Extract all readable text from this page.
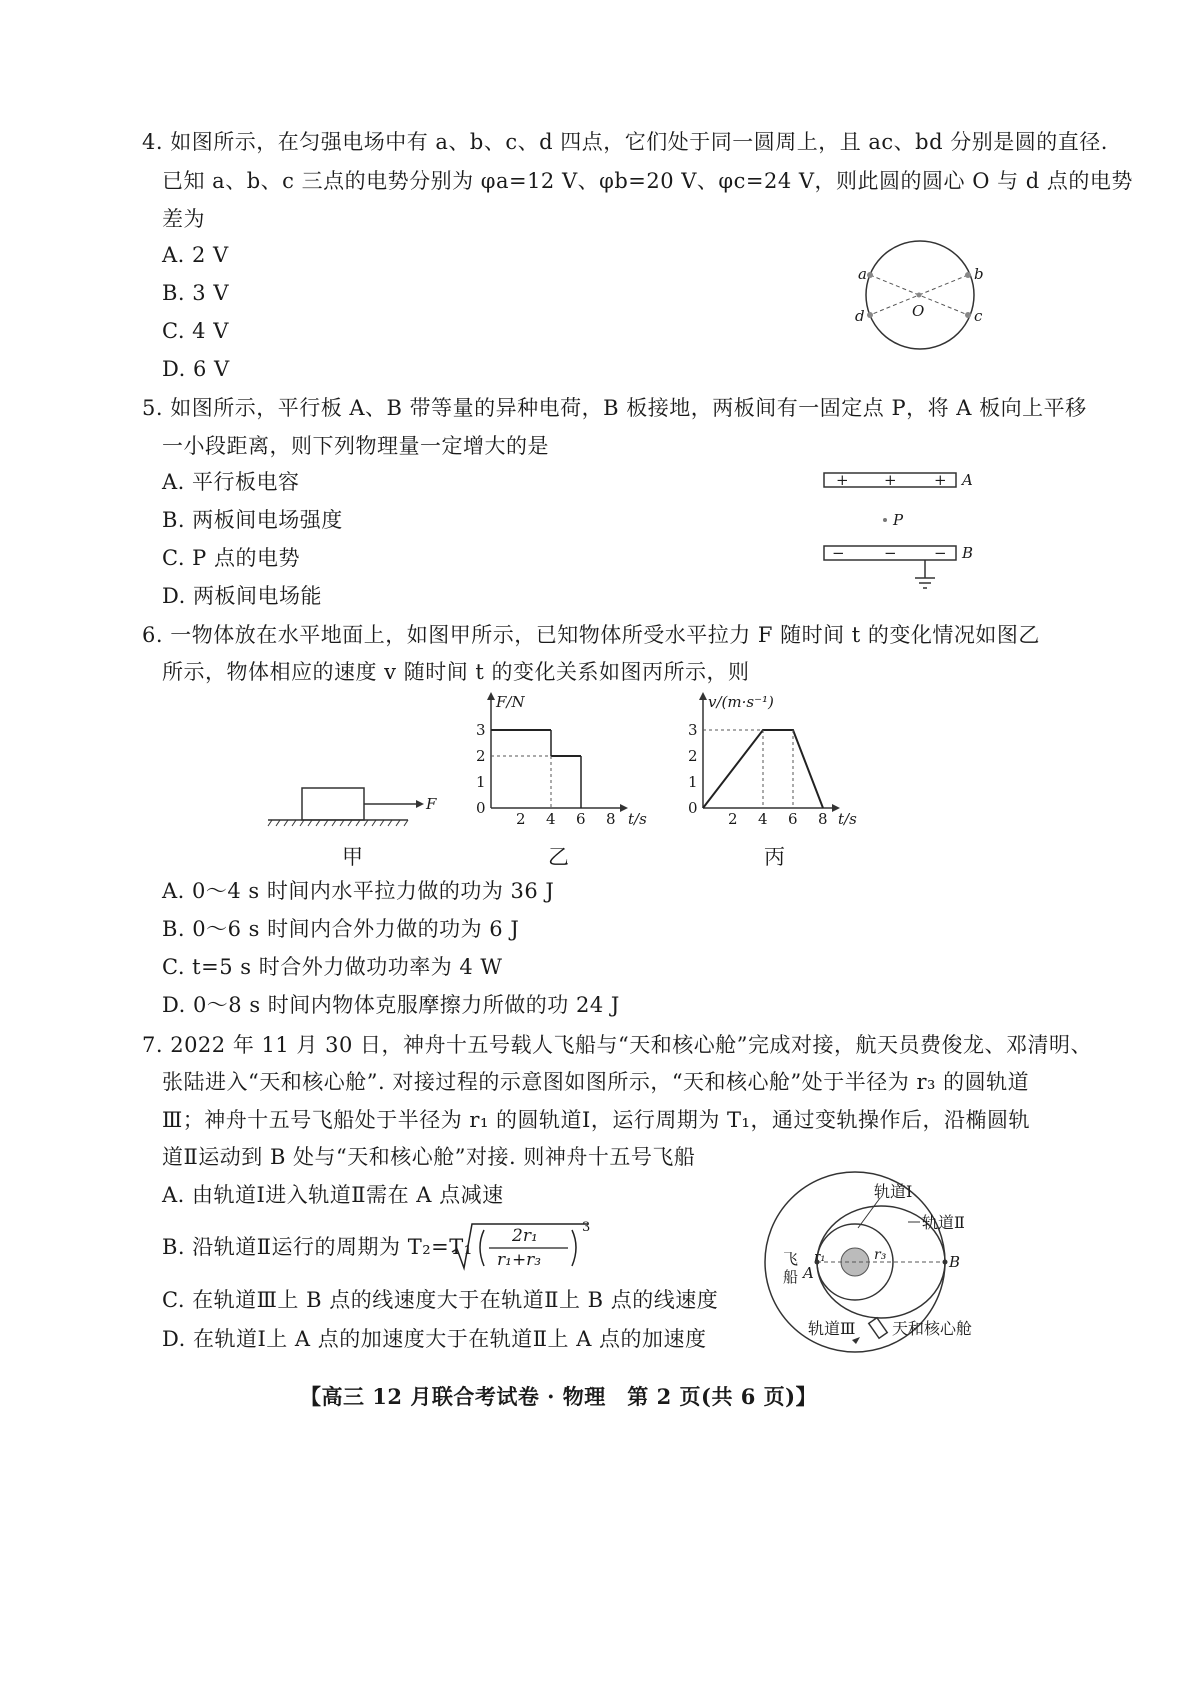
4. 如图所示，在匀强电场中有 a、b、c、d 四点，它们处于同一圆周上，且 ac、bd 分别是圆的直径.
已知 a、b、c 三点的电势分别为 φa=12 V、φb=20 V、φc=24 V，则此圆的圆心 O 与 d 点的电势
差为
A. 2 V
B. 3 V
C. 4 V
D. 6 V
a	b
c
d	O
5. 如图所示，平行板 A、B 带等量的异种电荷，B 板接地，两板间有一固定点 P，将 A 板向上平移
一小段距离，则下列物理量一定增大的是
A. 平行板电容
B. 两板间电场强度
C. P 点的电势
D. 两板间电场能
+ + +
−	− −
A
B
P
6. 一物体放在水平地面上，如图甲所示，已知物体所受水平拉力 F 随时间 t 的变化情况如图乙
所示，物体相应的速度 v 随时间 t 的变化关系如图丙所示，则
F
甲
F/N
3
2
1
0
2 4 6 8 t/s
乙
v/(m·s⁻¹)
3
2
1
0
2 4 6 8 t/s
丙
A. 0～4 s 时间内水平拉力做的功为 36 J
B. 0～6 s 时间内合外力做的功为 6 J
C. t=5 s 时合外力做功功率为 4 W
D. 0～8 s 时间内物体克服摩擦力所做的功 24 J
7. 2022 年 11 月 30 日，神舟十五号载人飞船与“天和核心舱”完成对接，航天员费俊龙、邓清明、
张陆进入“天和核心舱”. 对接过程的示意图如图所示，“天和核心舱”处于半径为 r₃ 的圆轨道
Ⅲ；神舟十五号飞船处于半径为 r₁ 的圆轨道Ⅰ，运行周期为 T₁，通过变轨操作后，沿椭圆轨
道Ⅱ运动到 B 处与“天和核心舱”对接. 则神舟十五号飞船
A. 由轨道Ⅰ进入轨道Ⅱ需在 A 点减速
B. 沿轨道Ⅱ运行的周期为 T₂=T₁ 2r₁
r₁+r₃
3
C. 在轨道Ⅲ上 B 点的线速度大于在轨道Ⅱ上 B 点的线速度
D. 在轨道Ⅰ上 A 点的加速度大于在轨道Ⅱ上 A 点的加速度
轨道Ⅰ
轨道Ⅱ
轨道Ⅲ 天和核心舱
飞
船
r₁	r₃
A
B
【高三 12 月联合考试卷 · 物理　第 2 页(共 6 页)】
